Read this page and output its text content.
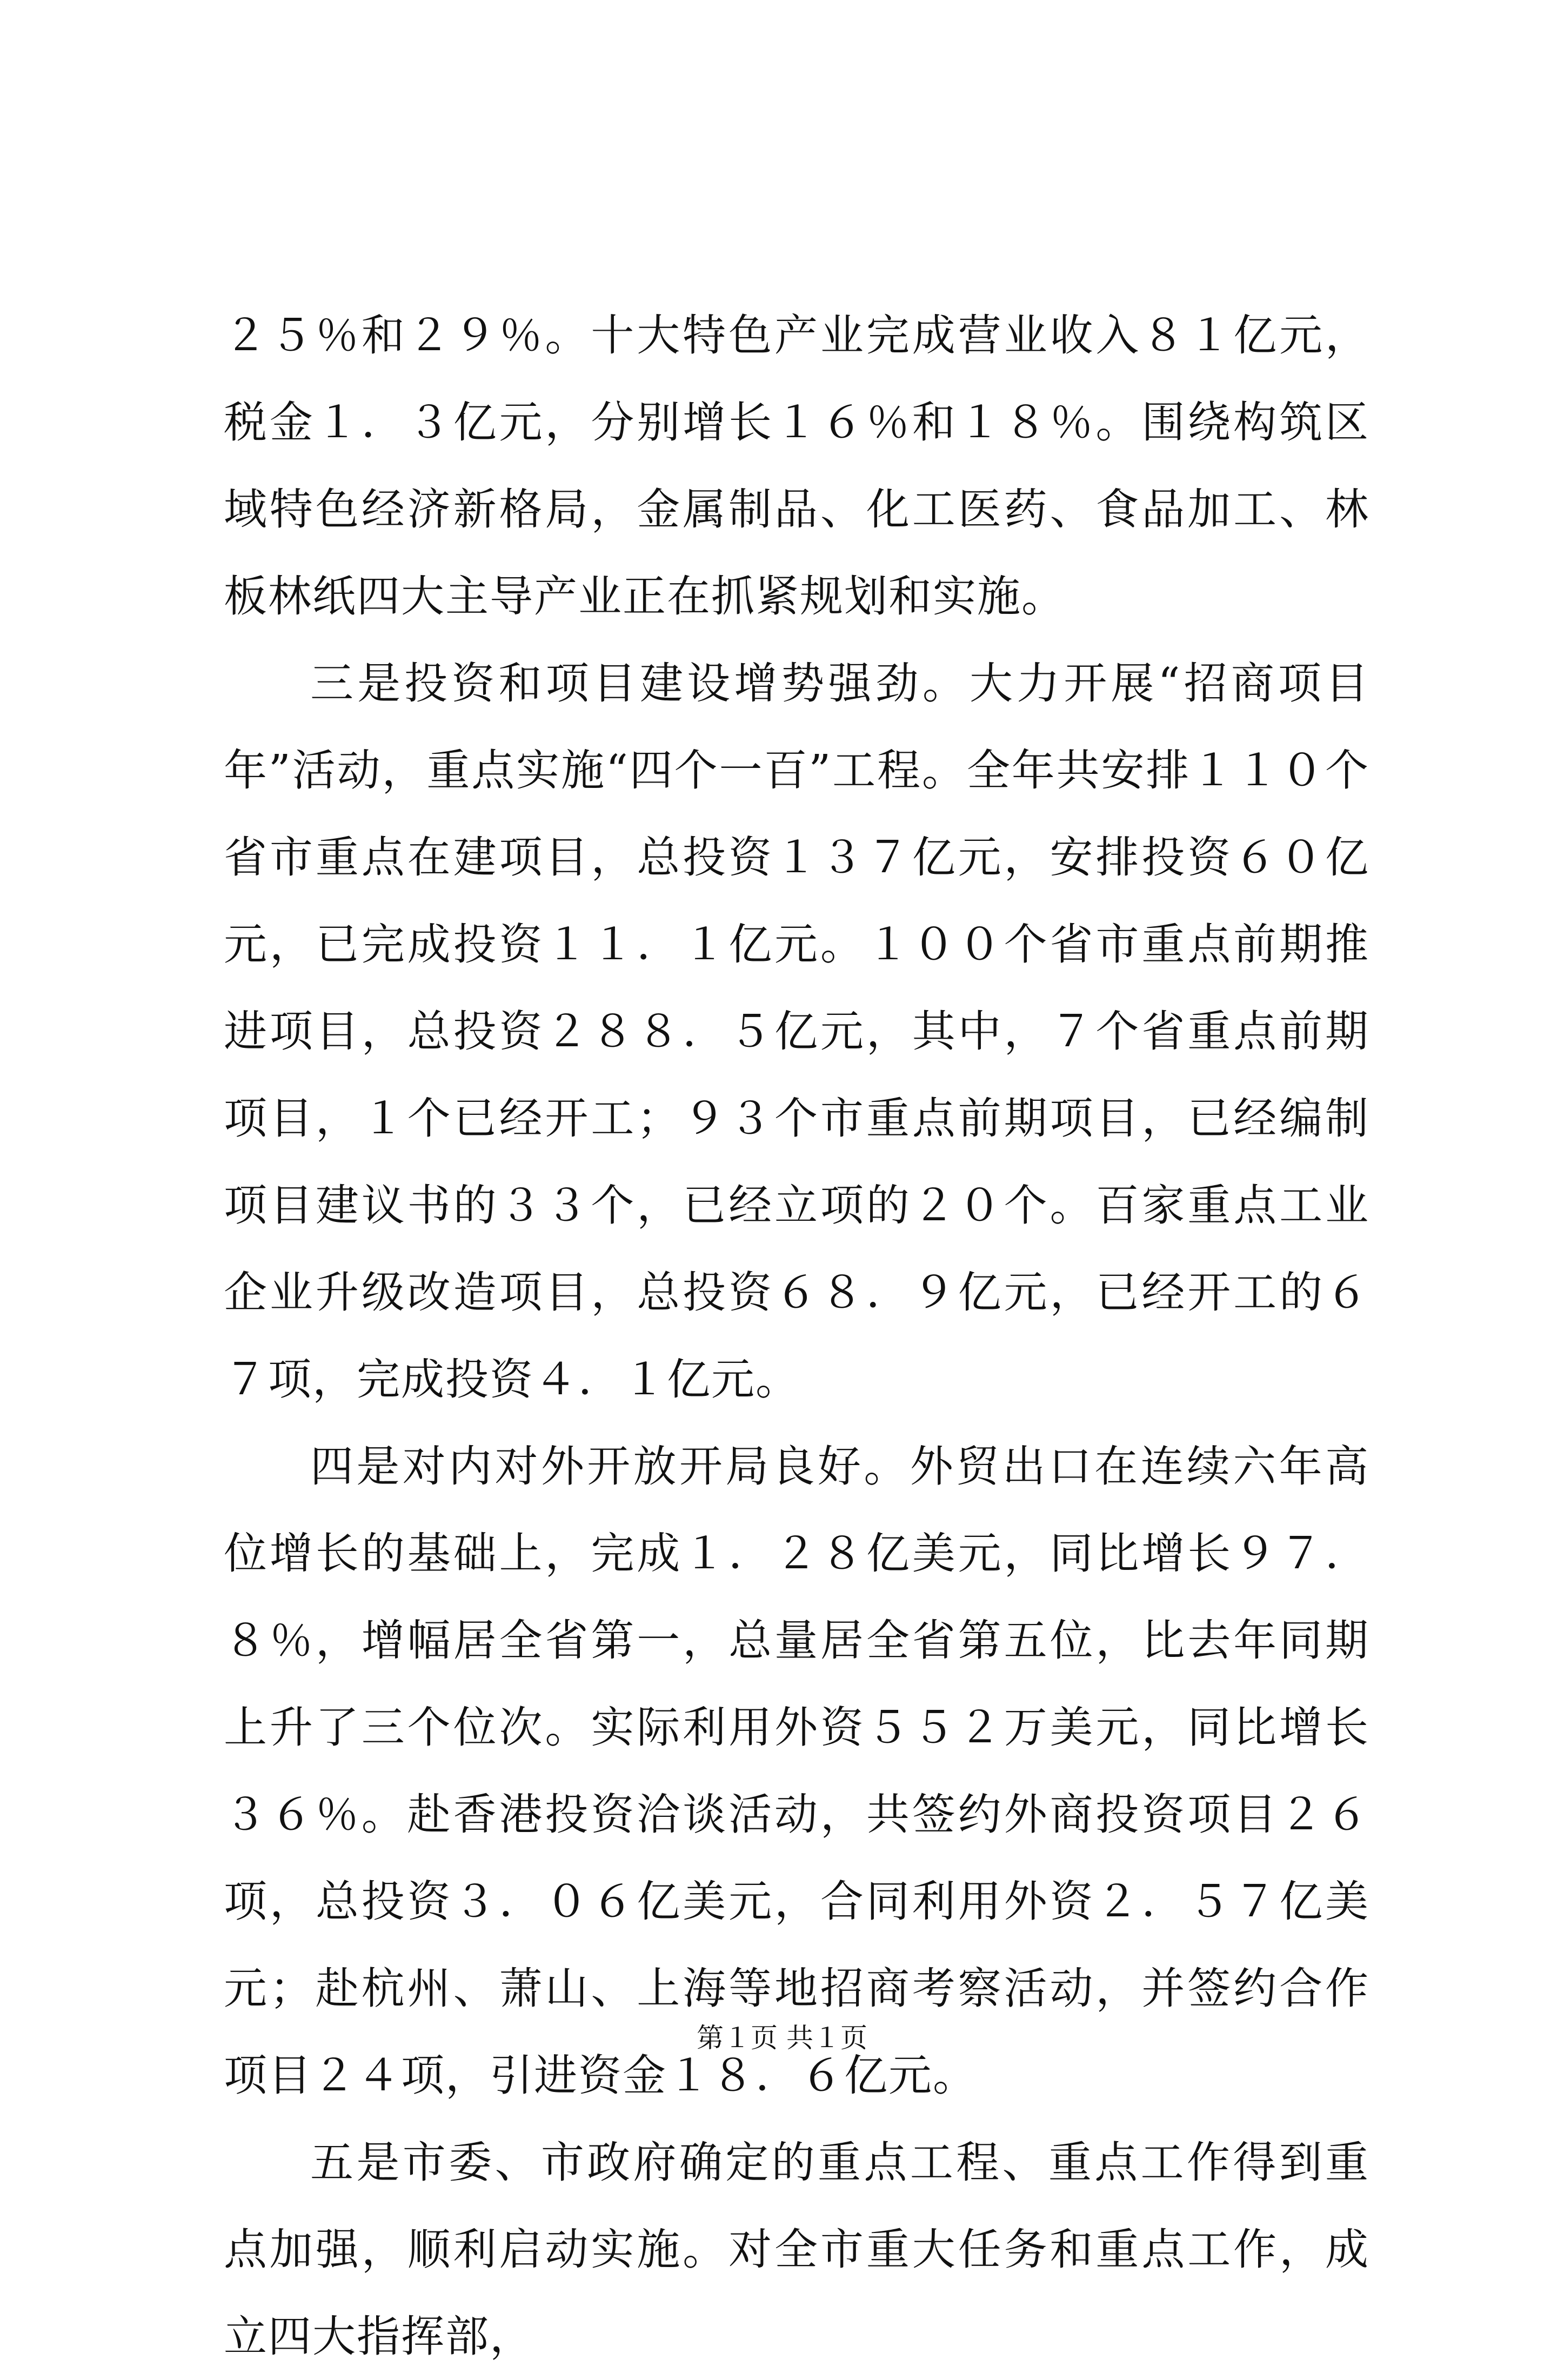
２５％和２９％。十大特色产业完成营业收入８１亿元，税金１．３亿元，分别增长１６％和１８％。围绕构筑区域特色经济新格局，金属制品、化工医药、食品加工、林板林纸四大主导产业正在抓紧规划和实施。

三是投资和项目建设增势强劲。大力开展“招商项目年”活动，重点实施“四个一百”工程。全年共安排１１０个省市重点在建项目，总投资１３７亿元，安排投资６０亿元，已完成投资１１．１亿元。１００个省市重点前期推进项目，总投资２８８．５亿元，其中，７个省重点前期项目，１个已经开工；９３个市重点前期项目，已经编制项目建议书的３３个，已经立项的２０个。百家重点工业企业升级改造项目，总投资６８．９亿元，已经开工的６７项，完成投资４．１亿元。

四是对内对外开放开局良好。外贸出口在连续六年高位增长的基础上，完成１．２８亿美元，同比增长９７．８％，增幅居全省第一，总量居全省第五位，比去年同期上升了三个位次。实际利用外资５５２万美元，同比增长３６％。赴香港投资洽谈活动，共签约外商投资项目２６项，总投资３．０６亿美元，合同利用外资２．５７亿美元；赴杭州、萧山、上海等地招商考察活动，并签约合作项目２４项，引进资金１８．６亿元。

五是市委、市政府确定的重点工程、重点工作得到重点加强，顺利启动实施。对全市重大任务和重点工作，成立四大指挥部，

第１页 共１页
